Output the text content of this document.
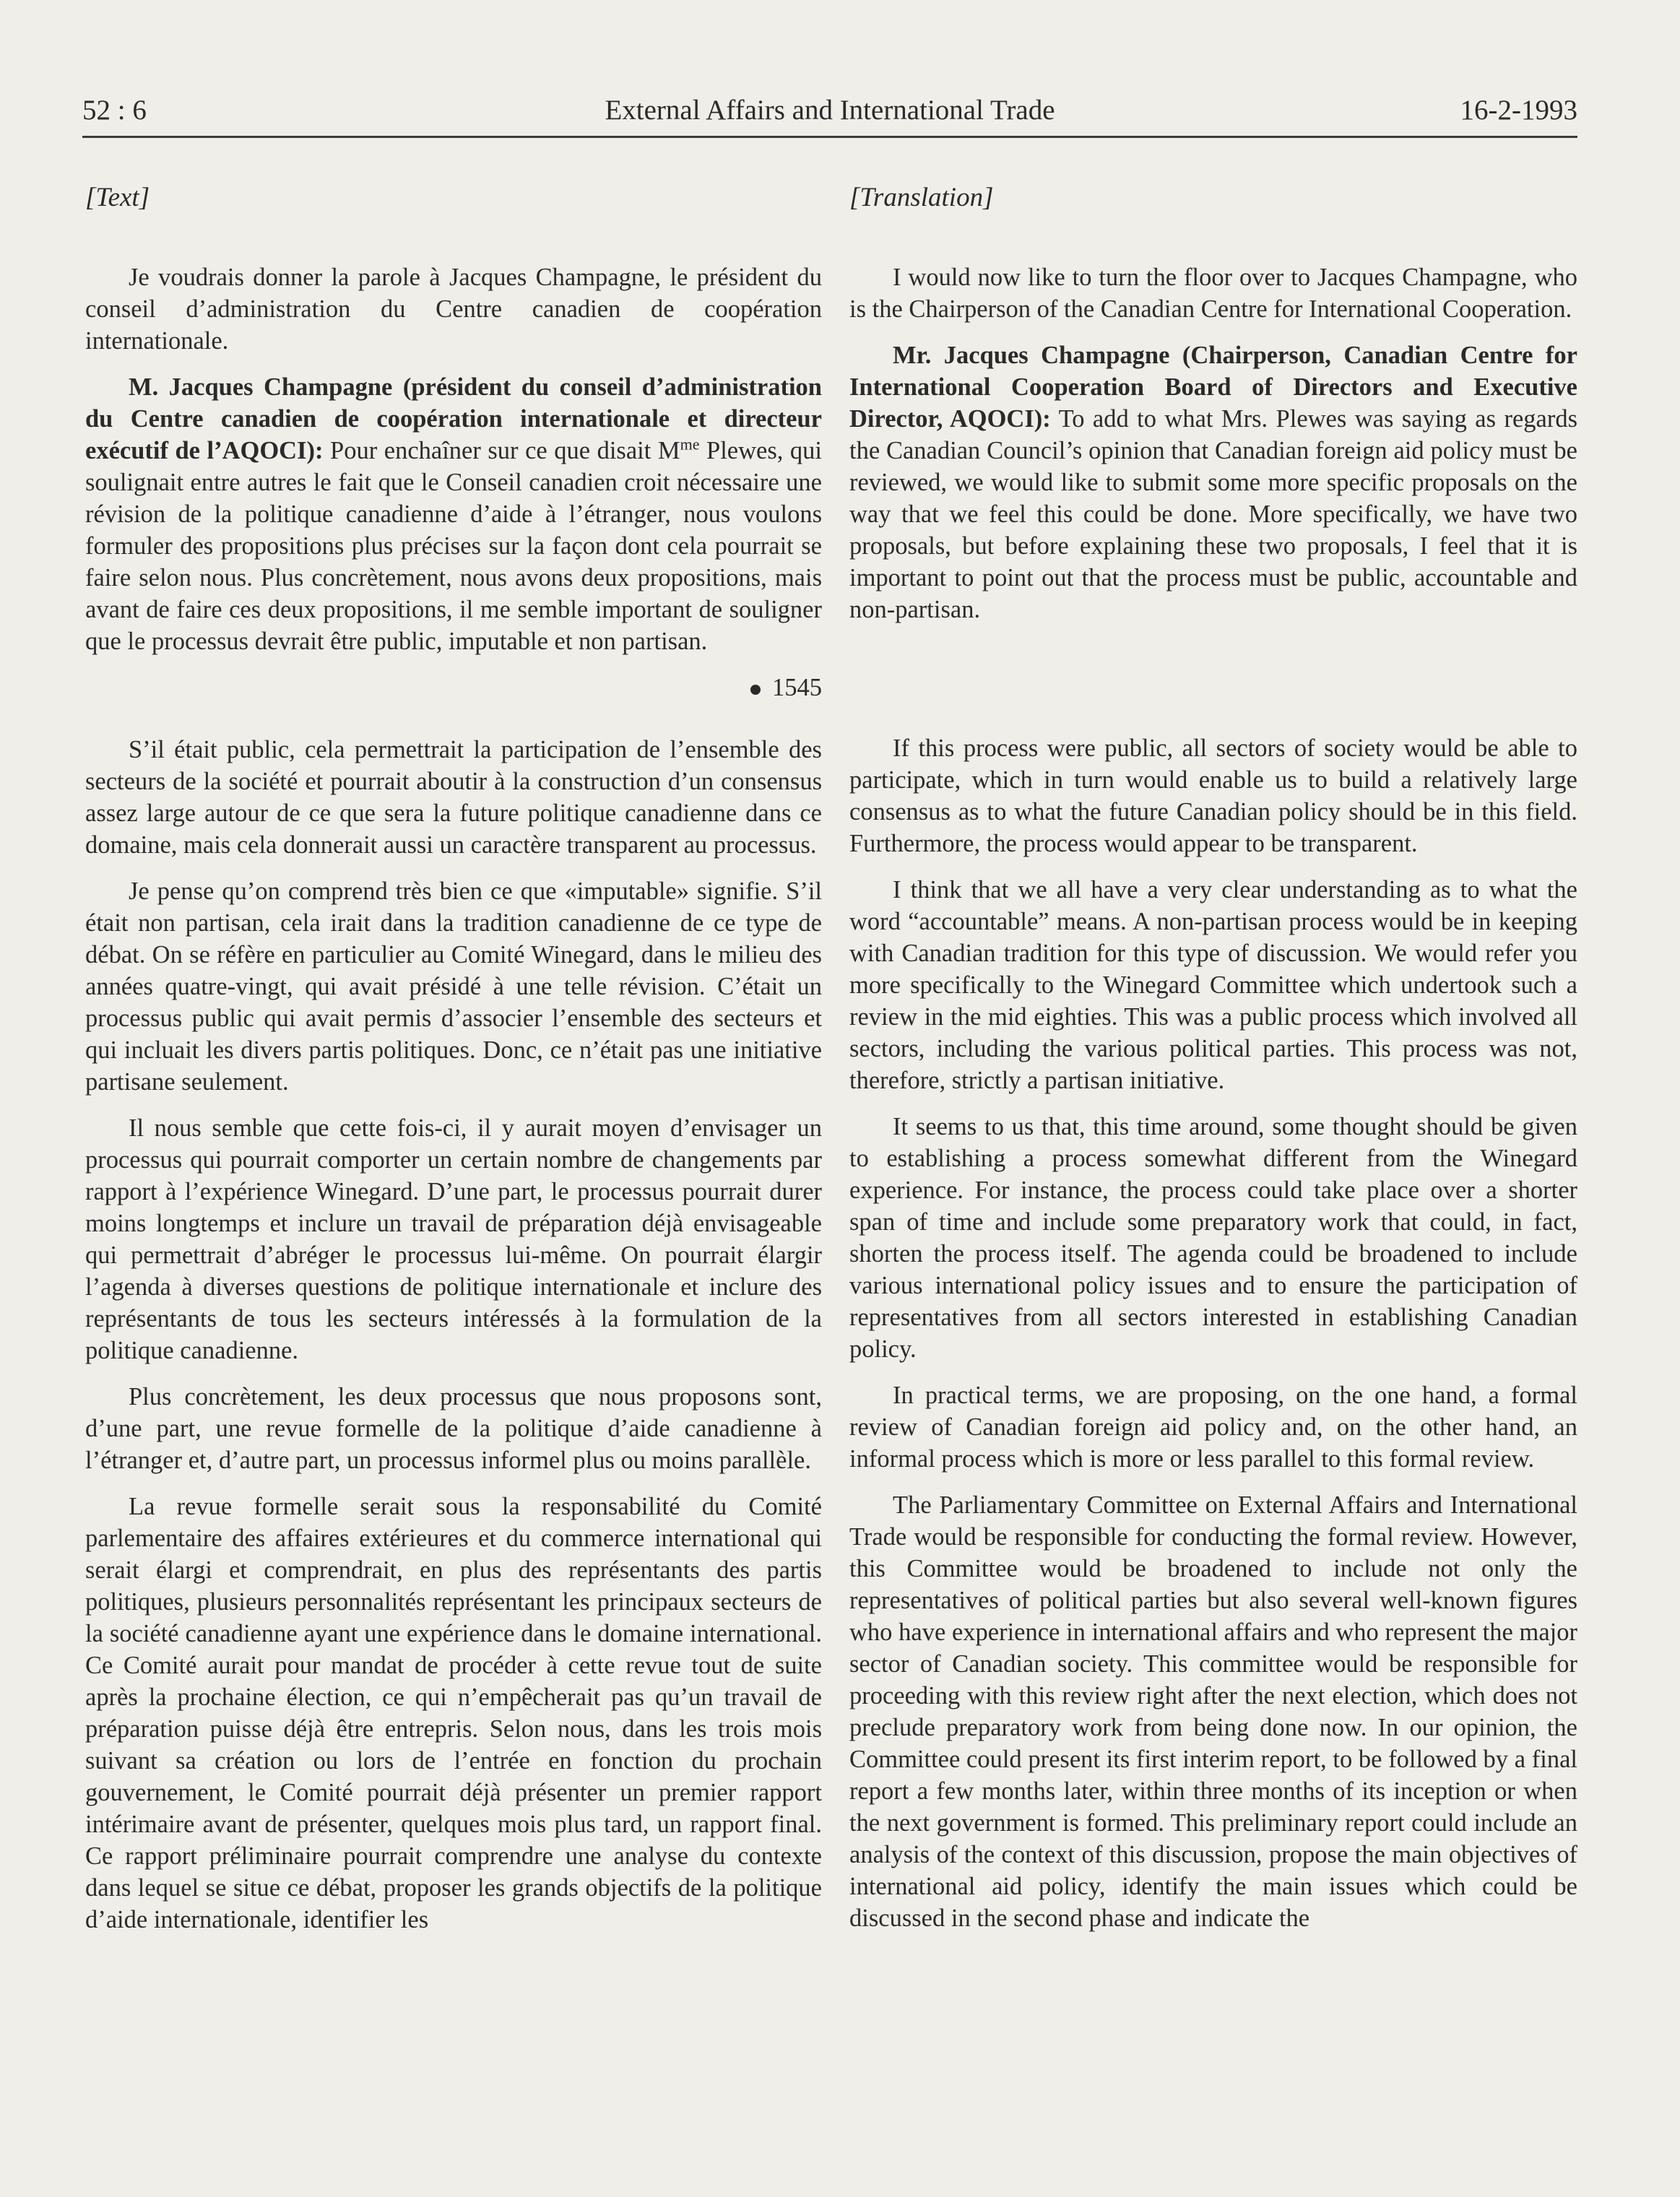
52 : 6	External Affairs and International Trade	16-2-1993
[Text]

Je voudrais donner la parole à Jacques Champagne, le président du conseil d’administration du Centre canadien de coopération internationale.

M. Jacques Champagne (président du conseil d’administration du Centre canadien de coopération internationale et directeur exécutif de l’AQOCI): Pour enchaîner sur ce que disait $M^{me}$ Plewes, qui soulignait entre autres le fait que le Conseil canadien croit nécessaire une révision de la politique canadienne d’aide à l’étranger, nous voulons formuler des propositions plus précises sur la façon dont cela pourrait se faire selon nous. Plus concrètement, nous avons deux propositions, mais avant de faire ces deux propositions, il me semble important de souligner que le processus devrait être public, imputable et non partisan.

1545

S’il était public, cela permettrait la participation de l’ensemble des secteurs de la société et pourrait aboutir à la construction d’un consensus assez large autour de ce que sera la future politique canadienne dans ce domaine, mais cela donnerait aussi un caractère transparent au processus.

Je pense qu’on comprend très bien ce que «imputable» signifie. S’il était non partisan, cela irait dans la tradition canadienne de ce type de débat. On se réfère en particulier au Comité Winegard, dans le milieu des années quatre-vingt, qui avait présidé à une telle révision. C’était un processus public qui avait permis d’associer l’ensemble des secteurs et qui incluait les divers partis politiques. Donc, ce n’était pas une initiative partisane seulement.

Il nous semble que cette fois-ci, il y aurait moyen d’envisager un processus qui pourrait comporter un certain nombre de changements par rapport à l’expérience Winegard. D’une part, le processus pourrait durer moins longtemps et inclure un travail de préparation déjà envisageable qui permettrait d’abréger le processus lui-même. On pourrait élargir l’agenda à diverses questions de politique internationale et inclure des représentants de tous les secteurs intéressés à la formulation de la politique canadienne.

Plus concrètement, les deux processus que nous proposons sont, d’une part, une revue formelle de la politique d’aide canadienne à l’étranger et, d’autre part, un processus informel plus ou moins parallèle.

La revue formelle serait sous la responsabilité du Comité parlementaire des affaires extérieures et du commerce international qui serait élargi et comprendrait, en plus des représentants des partis politiques, plusieurs personnalités représentant les principaux secteurs de la société canadienne ayant une expérience dans le domaine international. Ce Comité aurait pour mandat de procéder à cette revue tout de suite après la prochaine élection, ce qui n’empêcherait pas qu’un travail de préparation puisse déjà être entrepris. Selon nous, dans les trois mois suivant sa création ou lors de l’entrée en fonction du prochain gouvernement, le Comité pourrait déjà présenter un premier rapport intérimaire avant de présenter, quelques mois plus tard, un rapport final. Ce rapport préliminaire pourrait comprendre une analyse du contexte dans lequel se situe ce débat, proposer les grands objectifs de la politique d’aide internationale, identifier les

[Translation]

I would now like to turn the floor over to Jacques Champagne, who is the Chairperson of the Canadian Centre for International Cooperation.

Mr. Jacques Champagne (Chairperson, Canadian Centre for International Cooperation Board of Directors and Executive Director, AQOCI): To add to what Mrs. Plewes was saying as regards the Canadian Council’s opinion that Canadian foreign aid policy must be reviewed, we would like to submit some more specific proposals on the way that we feel this could be done. More specifically, we have two proposals, but before explaining these two proposals, I feel that it is important to point out that the process must be public, accountable and non-partisan.

If this process were public, all sectors of society would be able to participate, which in turn would enable us to build a relatively large consensus as to what the future Canadian policy should be in this field. Furthermore, the process would appear to be transparent.

I think that we all have a very clear understanding as to what the word “accountable” means. A non-partisan process would be in keeping with Canadian tradition for this type of discussion. We would refer you more specifically to the Winegard Committee which undertook such a review in the mid eighties. This was a public process which involved all sectors, including the various political parties. This process was not, therefore, strictly a partisan initiative.

It seems to us that, this time around, some thought should be given to establishing a process somewhat different from the Winegard experience. For instance, the process could take place over a shorter span of time and include some preparatory work that could, in fact, shorten the process itself. The agenda could be broadened to include various international policy issues and to ensure the participation of representatives from all sectors interested in establishing Canadian policy.

In practical terms, we are proposing, on the one hand, a formal review of Canadian foreign aid policy and, on the other hand, an informal process which is more or less parallel to this formal review.

The Parliamentary Committee on External Affairs and International Trade would be responsible for conducting the formal review. However, this Committee would be broadened to include not only the representatives of political parties but also several well-known figures who have experience in international affairs and who represent the major sector of Canadian society. This committee would be responsible for proceeding with this review right after the next election, which does not preclude preparatory work from being done now. In our opinion, the Committee could present its first interim report, to be followed by a final report a few months later, within three months of its inception or when the next government is formed. This preliminary report could include an analysis of the context of this discussion, propose the main objectives of international aid policy, identify the main issues which could be discussed in the second phase and indicate the
